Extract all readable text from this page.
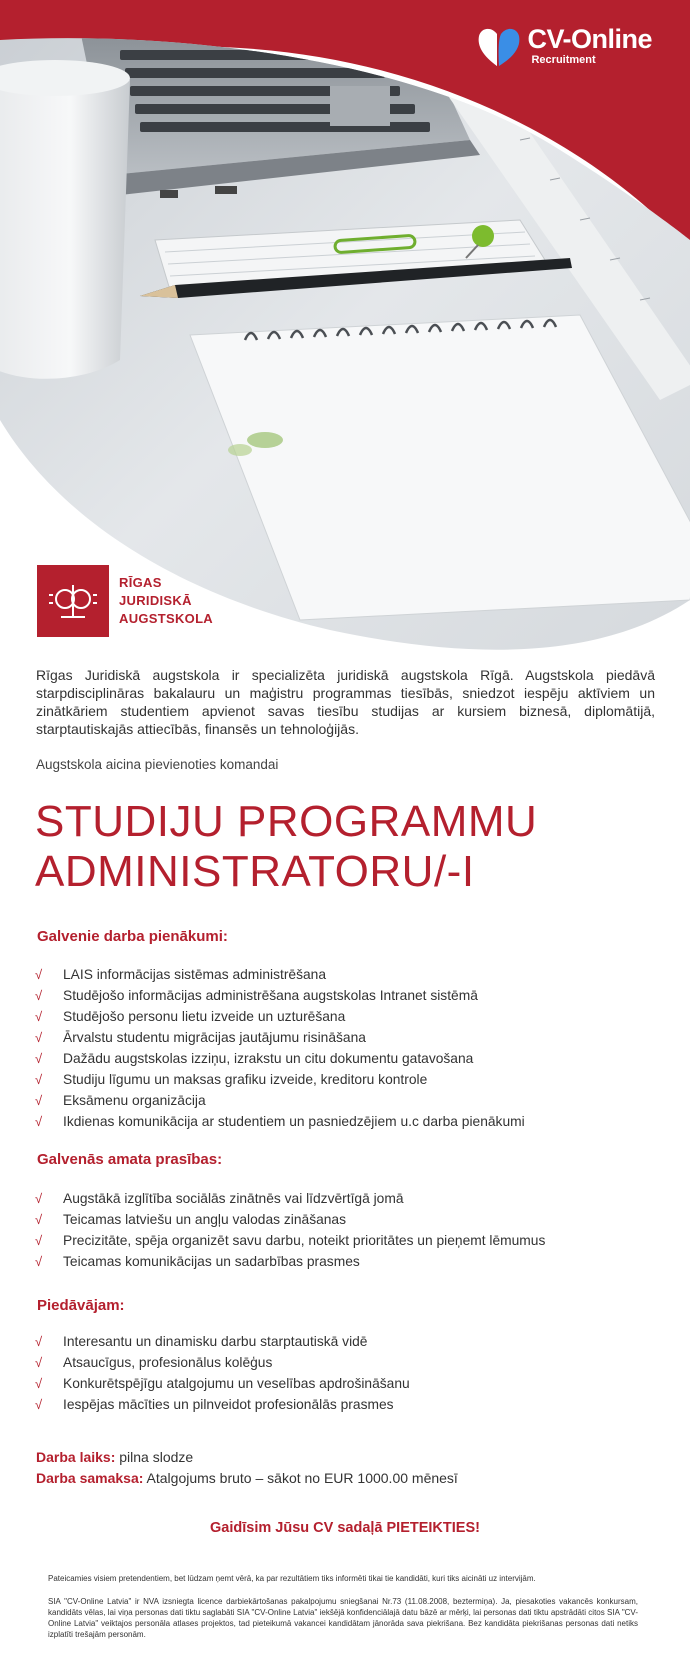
CV-Online
Recruitment
RĪGAS
JURIDISKĀ
AUGSTSKOLA
Rīgas Juridiskā augstskola ir specializēta juridiskā augstskola Rīgā. Augstskola piedāvā starpdisciplināras bakalauru un maģistru programmas tiesībās, sniedzot iespēju aktīviem un zinātkāriem studentiem apvienot savas tiesību studijas ar kursiem biznesā, diplomātijā, starptautiskajās attiecībās, finansēs un tehnoloģijās.
Augstskola aicina pievienoties komandai
STUDIJU PROGRAMMU
ADMINISTRATORU/-I
Galvenie darba pienākumi:
√ LAIS informācijas sistēmas administrēšana
√ Studējošo informācijas administrēšana augstskolas Intranet sistēmā
√ Studējošo personu lietu izveide un uzturēšana
√ Ārvalstu studentu migrācijas jautājumu risināšana
√ Dažādu augstskolas izziņu, izrakstu un citu dokumentu gatavošana
√ Studiju līgumu un maksas grafiku izveide, kreditoru kontrole
√ Eksāmenu organizācija
√ Ikdienas komunikācija ar studentiem un pasniedzējiem u.c darba pienākumi
Galvenās amata prasības:
√ Augstākā izglītība sociālās zinātnēs vai līdzvērtīgā jomā
√ Teicamas latviešu un angļu valodas zināšanas
√ Precizitāte, spēja organizēt savu darbu, noteikt prioritātes un pieņemt lēmumus
√ Teicamas komunikācijas un sadarbības prasmes
Piedāvājam:
√ Interesantu un dinamisku darbu starptautiskā vidē
√ Atsaucīgus, profesionālus kolēģus
√ Konkurētspējīgu atalgojumu un veselības apdrošināšanu
√ Iespējas mācīties un pilnveidot profesionālās prasmes
Darba laiks: pilna slodze
Darba samaksa: Atalgojums bruto – sākot no EUR 1000.00 mēnesī
Gaidīsim Jūsu CV sadaļā PIETEIKTIES!
Pateicamies visiem pretendentiem, bet lūdzam ņemt vērā, ka par rezultātiem tiks informēti tikai tie kandidāti, kuri tiks aicināti uz intervijām.
SIA "CV-Online Latvia" ir NVA izsniegta licence darbiekārtošanas pakalpojumu sniegšanai Nr.73 (11.08.2008, beztermiņa). Ja, piesakoties vakancēs konkursam, kandidāts vēlas, lai viņa personas dati tiktu saglabāti SIA "CV-Online Latvia" iekšējā konfidenciālajā datu bāzē ar mērķi, lai personas dati tiktu apstrādāti citos SIA "CV-Online Latvia" veiktajos personāla atlases projektos, tad pieteikumā vakancei kandidātam jānorāda sava piekrišana. Bez kandidāta piekrišanas personas dati netiks izplatīti trešajām personām.
